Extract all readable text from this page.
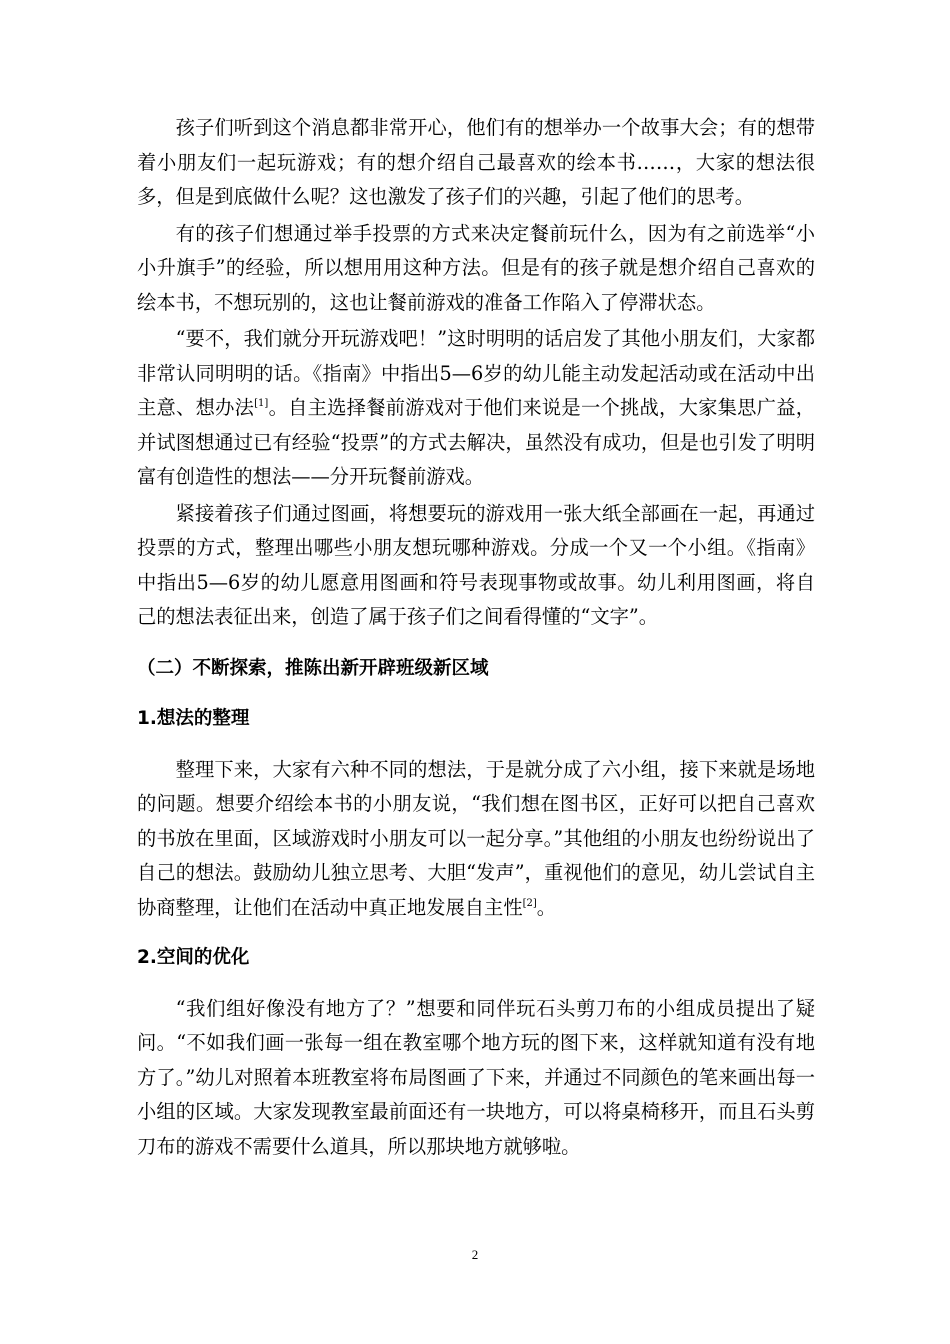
孩子们听到这个消息都非常开心，他们有的想举办一个故事大会；有的想带着小朋友们一起玩游戏；有的想介绍自己最喜欢的绘本书……，大家的想法很多，但是到底做什么呢？这也激发了孩子们的兴趣，引起了他们的思考。

有的孩子们想通过举手投票的方式来决定餐前玩什么，因为有之前选举“小小升旗手”的经验，所以想用用这种方法。但是有的孩子就是想介绍自己喜欢的绘本书，不想玩别的，这也让餐前游戏的准备工作陷入了停滞状态。

“要不，我们就分开玩游戏吧！”这时明明的话启发了其他小朋友们，大家都非常认同明明的话。《指南》中指出5—6岁的幼儿能主动发起活动或在活动中出主意、想办法[1]。自主选择餐前游戏对于他们来说是一个挑战，大家集思广益，并试图想通过已有经验“投票”的方式去解决，虽然没有成功，但是也引发了明明富有创造性的想法——分开玩餐前游戏。

紧接着孩子们通过图画，将想要玩的游戏用一张大纸全部画在一起，再通过投票的方式，整理出哪些小朋友想玩哪种游戏。分成一个又一个小组。《指南》中指出5—6岁的幼儿愿意用图画和符号表现事物或故事。幼儿利用图画，将自己的想法表征出来，创造了属于孩子们之间看得懂的“文字”。

（二）不断探索，推陈出新开辟班级新区域
1.想法的整理

整理下来，大家有六种不同的想法，于是就分成了六小组，接下来就是场地的问题。想要介绍绘本书的小朋友说，“我们想在图书区，正好可以把自己喜欢的书放在里面，区域游戏时小朋友可以一起分享。”其他组的小朋友也纷纷说出了自己的想法。鼓励幼儿独立思考、大胆“发声”，重视他们的意见，幼儿尝试自主协商整理，让他们在活动中真正地发展自主性[2]。

2.空间的优化

“我们组好像没有地方了？”想要和同伴玩石头剪刀布的小组成员提出了疑问。“不如我们画一张每一组在教室哪个地方玩的图下来，这样就知道有没有地方了。”幼儿对照着本班教室将布局图画了下来，并通过不同颜色的笔来画出每一小组的区域。大家发现教室最前面还有一块地方，可以将桌椅移开，而且石头剪刀布的游戏不需要什么道具，所以那块地方就够啦。

2
